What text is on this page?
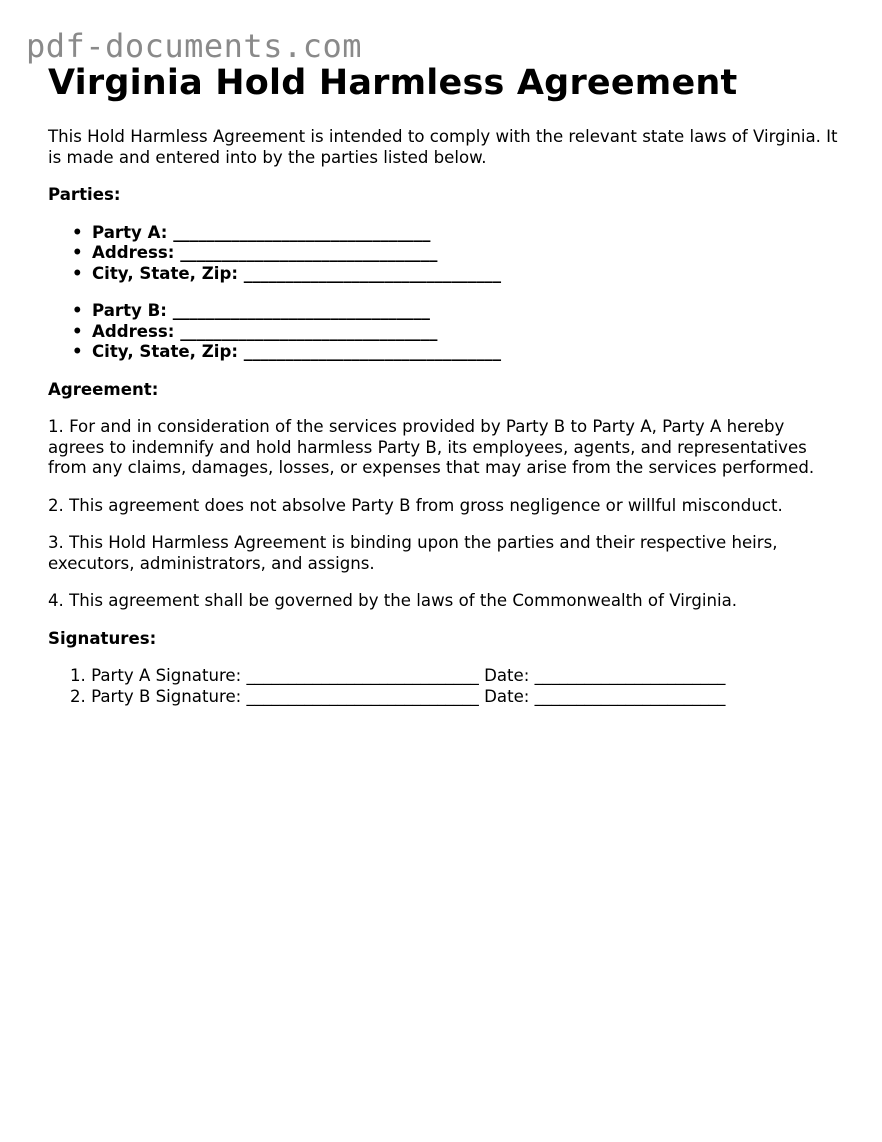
pdf-documents.com
Virginia Hold Harmless Agreement

This Hold Harmless Agreement is intended to comply with the relevant state laws of Virginia. It is made and entered into by the parties listed below.

Parties:
• Party A: _______________________________
• Address: _______________________________
• City, State, Zip: _______________________________
• Party B: _______________________________
• Address: _______________________________
• City, State, Zip: _______________________________
Agreement:

1. For and in consideration of the services provided by Party B to Party A, Party A hereby agrees to indemnify and hold harmless Party B, its employees, agents, and representatives from any claims, damages, losses, or expenses that may arise from the services performed.

2. This agreement does not absolve Party B from gross negligence or willful misconduct.

3. This Hold Harmless Agreement is binding upon the parties and their respective heirs, executors, administrators, and assigns.

4. This agreement shall be governed by the laws of the Commonwealth of Virginia.

Signatures:
1. Party A Signature: ____________________________ Date: _______________________
2. Party B Signature: ____________________________ Date: _______________________
